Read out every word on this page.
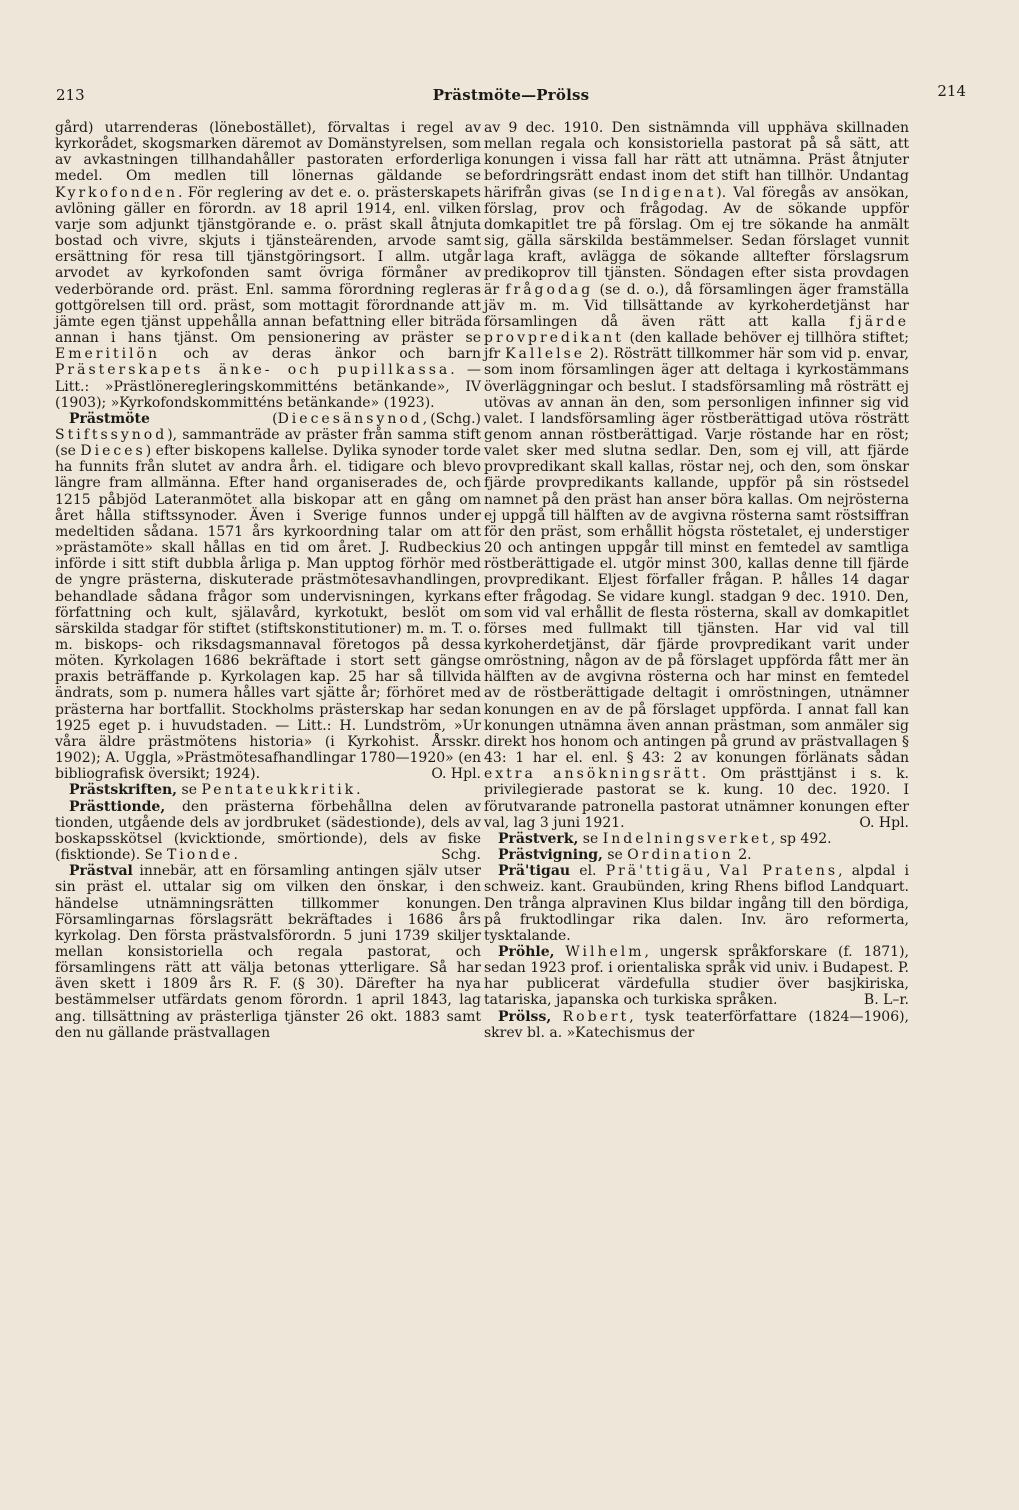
213	Prästmöte—Prölss	214

gård) utarrenderas (lönebostället), förvaltas i regel av kyrkorådet, skogsmarken däremot av Domänstyrelsen, som av avkastningen tillhandahåller pastoraten erforderliga medel. Om medlen till lönernas gäldande se Kyrkofonden. För reglering av det e. o. prästerskapets avlöning gäller en förordn. av 18 april 1914, enl. vilken varje som adjunkt tjänstgörande e. o. präst skall åtnjuta bostad och vivre, skjuts i tjänsteärenden, arvode samt ersättning för resa till tjänstgöringsort. I allm. utgår arvodet av kyrkofonden samt övriga förmåner av vederbörande ord. präst. Enl. samma förordning regleras gottgörelsen till ord. präst, som mottagit förordnande att jämte egen tjänst uppehålla annan befattning eller biträda annan i hans tjänst. Om pensionering av präster se Emeritilön och av deras änkor och barn Prästerskapets änke- och pupillkassa. — Litt.: »Prästlöneregleringskommitténs betänkande», IV (1903); »Kyrkofondskommitténs betänkande» (1923).
(Schg.)

Prästmöte (Diecesänsynod, Stiftssynod), sammanträde av präster från samma stift (se Dieces) efter biskopens kallelse. Dylika synoder torde ha funnits från slutet av andra årh. el. tidigare och blevo längre fram allmänna. Efter hand organiserades de, och 1215 påbjöd Lateranmötet alla biskopar att en gång om året hålla stiftssynoder. Även i Sverige funnos under medeltiden sådana. 1571 års kyrkoordning talar om att »prästamöte» skall hållas en tid om året. J. Rudbeckius införde i sitt stift dubbla årliga p. Man upptog förhör med de yngre prästerna, diskuterade prästmötesavhandlingen, behandlade sådana frågor som undervisningen, kyrkans författning och kult, själavård, kyrkotukt, beslöt om särskilda stadgar för stiftet (stiftskonstitutioner) m. m. T. o. m. biskops- och riksdagsmannaval företogos på dessa möten. Kyrkolagen 1686 bekräftade i stort sett gängse praxis beträffande p. Kyrkolagen kap. 25 har så tillvida ändrats, som p. numera hålles vart sjätte år; förhöret med prästerna har bortfallit. Stockholms prästerskap har sedan 1925 eget p. i huvudstaden. — Litt.: H. Lundström, »Ur våra äldre prästmötens historia» (i Kyrkohist. Årsskr. 1902); A. Uggla, »Prästmötesafhandlingar 1780—1920» (en bibliografisk översikt; 1924).	O. Hpl.

Prästskriften, se Pentateukkritik.

Prästtionde, den prästerna förbehållna delen av tionden, utgående dels av jordbruket (sädestionde), dels av boskapsskötsel (kvicktionde, smörtionde), dels av fiske (fisktionde). Se Tionde.	Schg.

Prästval innebär, att en församling antingen själv utser sin präst el. uttalar sig om vilken den önskar, i den händelse utnämningsrätten tillkommer konungen. Församlingarnas förslagsrätt bekräftades i 1686 års kyrkolag. Den första prästvalsförordn. 5 juni 1739 skiljer mellan konsistoriella och regala pastorat, och församlingens rätt att välja betonas ytterligare. Så har även skett i 1809 års R. F. (§ 30). Därefter ha nya bestämmelser utfärdats genom förordn. 1 april 1843, lag ang. tillsättning av prästerliga tjänster 26 okt. 1883 samt den nu gällande prästvallagen

av 9 dec. 1910. Den sistnämnda vill upphäva skillnaden mellan regala och konsistoriella pastorat på så sätt, att konungen i vissa fall har rätt att utnämna. Präst åtnjuter befordringsrätt endast inom det stift han tillhör. Undantag härifrån givas (se Indigenat). Val föregås av ansökan, förslag, prov och frågodag. Av de sökande uppför domkapitlet tre på förslag. Om ej tre sökande ha anmält sig, gälla särskilda bestämmelser. Sedan förslaget vunnit laga kraft, avlägga de sökande alltefter förslagsrum predikoprov till tjänsten. Söndagen efter sista provdagen är frågodag (se d. o.), då församlingen äger framställa jäv m. m. Vid tillsättande av kyrkoherdetjänst har församlingen då även rätt att kalla fjärde provpredikant (den kallade behöver ej tillhöra stiftet; jfr Kallelse 2). Rösträtt tillkommer här som vid p. envar, som inom församlingen äger att deltaga i kyrkostämmans överläggningar och beslut. I stadsförsamling må rösträtt ej utövas av annan än den, som personligen infinner sig vid valet. I landsförsamling äger röstberättigad utöva rösträtt genom annan röstberättigad. Varje röstande har en röst; valet sker med slutna sedlar. Den, som ej vill, att fjärde provpredikant skall kallas, röstar nej, och den, som önskar fjärde provpredikants kallande, uppför på sin röstsedel namnet på den präst han anser böra kallas. Om nejrösterna ej uppgå till hälften av de avgivna rösterna samt röstsiffran för den präst, som erhållit högsta röstetalet, ej understiger 20 och antingen uppgår till minst en femtedel av samtliga röstberättigade el. utgör minst 300, kallas denne till fjärde provpredikant. Eljest förfaller frågan. P. hålles 14 dagar efter frågodag. Se vidare kungl. stadgan 9 dec. 1910. Den, som vid val erhållit de flesta rösterna, skall av domkapitlet förses med fullmakt till tjänsten. Har vid val till kyrkoherdetjänst, där fjärde provpredikant varit under omröstning, någon av de på förslaget uppförda fått mer än hälften av de avgivna rösterna och har minst en femtedel av de röstberättigade deltagit i omröstningen, utnämner konungen en av de på förslaget uppförda. I annat fall kan konungen utnämna även annan prästman, som anmäler sig direkt hos honom och antingen på grund av prästvallagen § 43: 1 har el. enl. § 43: 2 av konungen förlänats sådan extra ansökningsrätt. Om prästtjänst i s. k. privilegierade pastorat se k. kung. 10 dec. 1920. I förutvarande patronella pastorat utnämner konungen efter val, lag 3 juni 1921.	O. Hpl.

Prästverk, se Indelningsverket, sp 492.

Prästvigning, se Ordination 2.

Prä'tigau el. Prä'ttigäu, Val Pratens, alpdal i schweiz. kant. Graubünden, kring Rhens biflod Landquart. Den trånga alpravinen Klus bildar ingång till den bördiga, på fruktodlingar rika dalen. Inv. äro reformerta, tysktalande.

Pröhle, Wilhelm, ungersk språkforskare (f. 1871), sedan 1923 prof. i orientaliska språk vid univ. i Budapest. P. har publicerat värdefulla studier över basjkiriska, tatariska, japanska och turkiska språken.	B. L–r.

Prölss, Robert, tysk teaterförfattare (1824—1906), skrev bl. a. »Katechismus der
